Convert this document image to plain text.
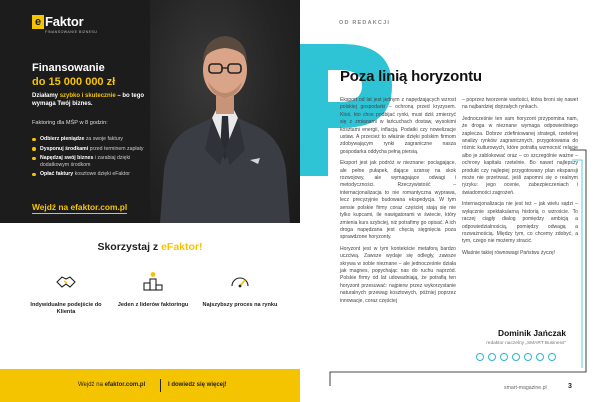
e Faktor
FINANSOWANIE BIZNESU
Finansowanie
do 15 000 000 zł
Działamy szybko i skutecznie – bo tego wymaga Twój biznes.
Faktoring dla MŚP w 8 godzin:
Odbierz pieniądze za swoje faktury
Dysponuj środkami przed terminem zapłaty
Napędzaj swój biznes i zarabiaj dzięki dodatkowym środkom
Opłać faktury kosztowe dzięki eFaktor
Wejdź na efaktor.com.pl
Skorzystaj z eFaktor!
Indywidualne podejście do Klienta
Jeden z liderów faktoringu	Najszybszy proces na rynku
Wejdź na efaktor.com.pl	I dowiedz się więcej!
OD REDAKCJI
Poza linią horyzontu

Eksport od lat jest jednym z napędzających wzrost polskiej gospodarki – ochroną przed kryzysem. Ktoś, kto chce podbijać rynki, musi dziś zmierzyć się z zmianami w łańcuchach dostaw, wysokimi kosztami energii, inflacją. Podatki czy nowelizacje ustaw. A przecież to właśnie dzięki polskim firmom zdobywającym rynki zagraniczne nasza gospodarka oddycha pełną piersią.

Eksport jest jak podróż w nieznane: pociągające, ale pełne pułapek, dające szansę na skok rozwojowy, ale wymagające odwagi i metodyczności. Rzeczywistość – internacjonalizacja to nie romantyczna wyprawa, lecz precyzyjnie budowana ekspedycja. W tym sensie polskie firmy coraz częściej stają się nie tylko kupcami, ile nawigatorami w świecie, który zmienia kurs szybciej, niż potrafimy go opisać. A ich droga napędzana jest chęcią sięgnięcia poza sprawdzone horyzonty.

Horyzont jest w tym kontekście metaforą bardzo uczciwą. Zawsze wydaje się odległy, zawsze skrywa w sobie nieznane – ale jednocześnie działa jak magnes, popychając nas do ruchu naprzód. Polskie firmy od lat udowadniają, że potrafią ten horyzont przesuwać: najpierw przez wykorzystanie naturalnych przewag kosztowych, później poprzez innowacje, coraz częściej

– poprzez tworzenie wartości, która broni się nawet na najbardziej dojrzałych rynkach.

Jednocześnie ten sam horyzont przypomina nam, że droga w nieznane wymaga odpowiedniego zaplecza. Dobrze zdefiniowanej strategii, rzetelnej analizy rynków zagranicznych, przygotowania do różnic kulturowych, które potrafią wzmocnić relacje albo je zablokować oraz – co szczególnie ważne – ochrony kapitału rzetelnie. Bo nawet najlepszy produkt czy najlepiej przygotowany plan ekspansji może nie przetrwać, jeśli zapomni się o realnym ryzyku: jego ocenie, zabezpieczeniach i świadomości zagrożeń.

Internacjonalizacja nie jest też – jak wielu sądzi – wyłącznie spektakularną historią o wzroście. To raczej ciągły dialog pomiędzy ambicją a odpowiedzialnością, pomiędzy odwagą a rozważnością. Między tym, co chcemy zdobyć, a tym, czego nie możemy stracić.

Właśnie takiej równowagi Państwu życzę!

Dominik Jańczak
redaktor naczelny „SMART Business”
smart-magazine.pl	3
